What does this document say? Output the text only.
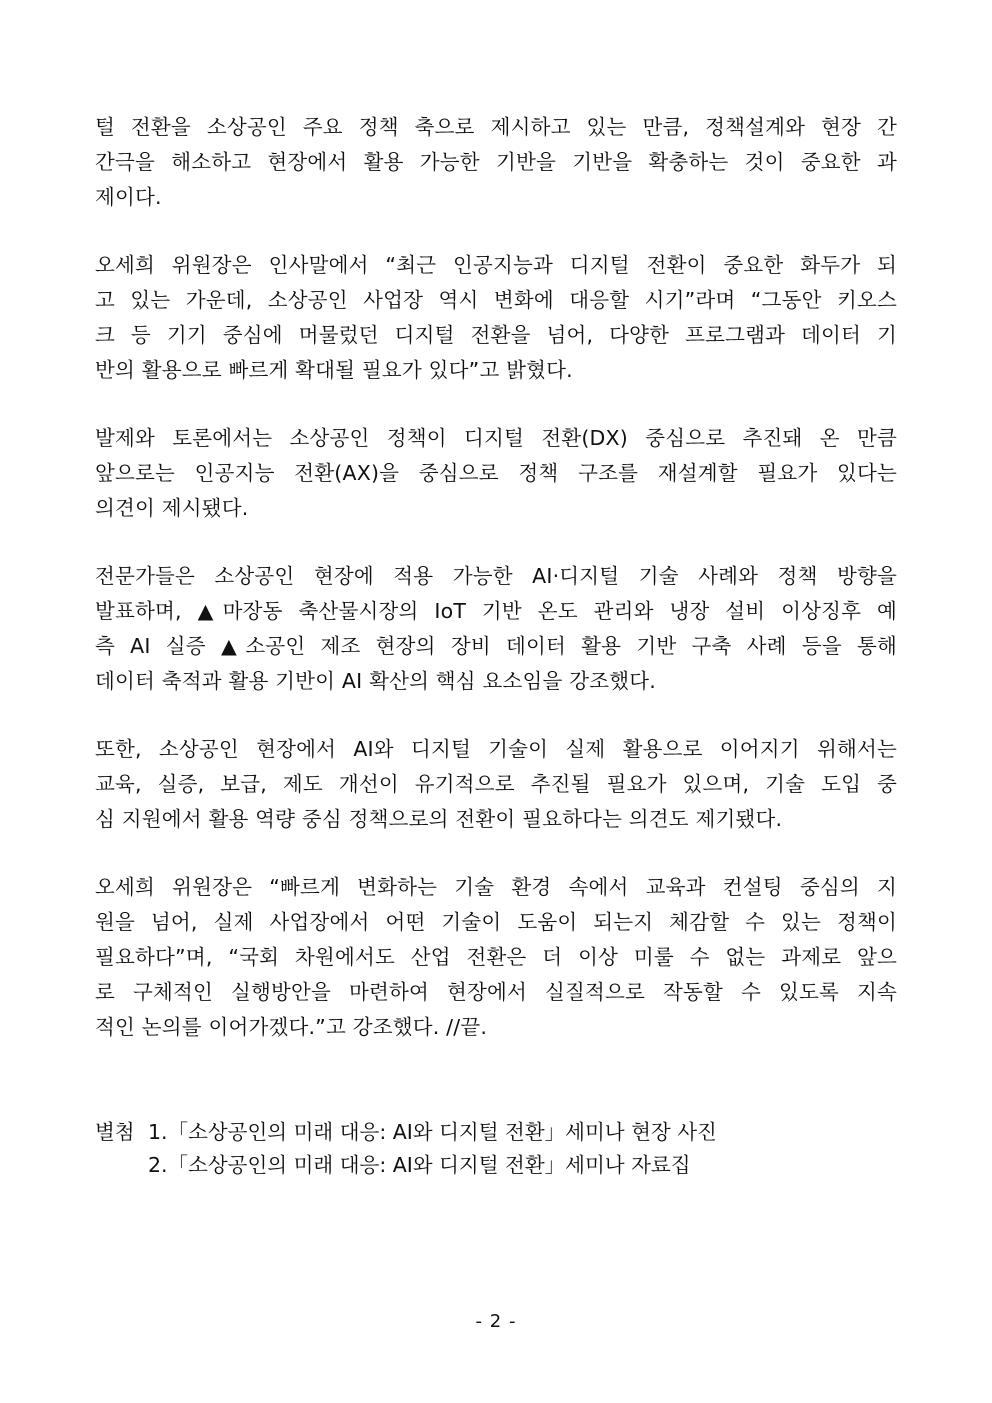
털 전환을 소상공인 주요 정책 축으로 제시하고 있는 만큼, 정책설계와 현장 간
간극을 해소하고 현장에서 활용 가능한 기반을 기반을 확충하는 것이 중요한 과
제이다.

오세희 위원장은 인사말에서 “최근 인공지능과 디지털 전환이 중요한 화두가 되
고 있는 가운데, 소상공인 사업장 역시 변화에 대응할 시기”라며 “그동안 키오스
크 등 기기 중심에 머물렀던 디지털 전환을 넘어, 다양한 프로그램과 데이터 기
반의 활용으로 빠르게 확대될 필요가 있다”고 밝혔다.

발제와 토론에서는 소상공인 정책이 디지털 전환(DX) 중심으로 추진돼 온 만큼
앞으로는 인공지능 전환(AX)을 중심으로 정책 구조를 재설계할 필요가 있다는
의견이 제시됐다.

전문가들은 소상공인 현장에 적용 가능한 AI·디지털 기술 사례와 정책 방향을
발표하며, ▲마장동 축산물시장의 IoT 기반 온도 관리와 냉장 설비 이상징후 예
측 AI 실증 ▲소공인 제조 현장의 장비 데이터 활용 기반 구축 사례 등을 통해
데이터 축적과 활용 기반이 AI 확산의 핵심 요소임을 강조했다.

또한, 소상공인 현장에서 AI와 디지털 기술이 실제 활용으로 이어지기 위해서는
교육, 실증, 보급, 제도 개선이 유기적으로 추진될 필요가 있으며, 기술 도입 중
심 지원에서 활용 역량 중심 정책으로의 전환이 필요하다는 의견도 제기됐다.

오세희 위원장은 “빠르게 변화하는 기술 환경 속에서 교육과 컨설팅 중심의 지
원을 넘어, 실제 사업장에서 어떤 기술이 도움이 되는지 체감할 수 있는 정책이
필요하다”며, “국회 차원에서도 산업 전환은 더 이상 미룰 수 없는 과제로 앞으
로 구체적인 실행방안을 마련하여 현장에서 실질적으로 작동할 수 있도록 지속
적인 논의를 이어가겠다.”고 강조했다. //끝.

별첨 1.「소상공인의 미래 대응: AI와 디지털 전환」세미나 현장 사진
2.「소상공인의 미래 대응: AI와 디지털 전환」세미나 자료집
- 2 -
